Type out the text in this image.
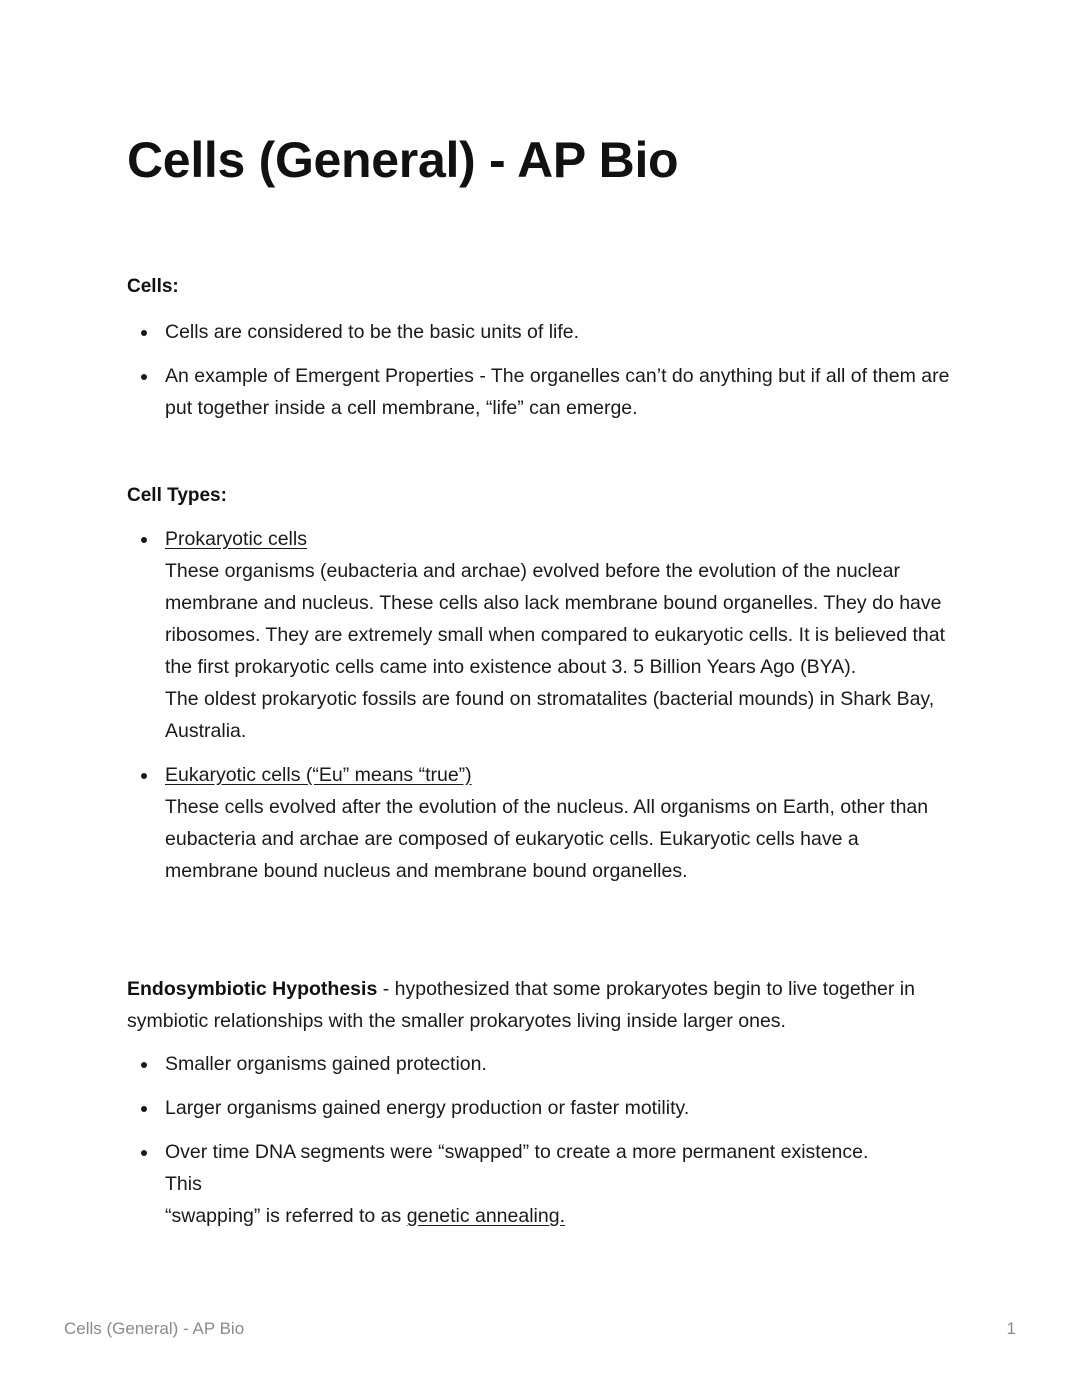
Cells (General) - AP Bio
Cells:
Cells are considered to be the basic units of life.
An example of Emergent Properties - The organelles can’t do anything but if all of them are put together inside a cell membrane, “life” can emerge.
Cell Types:
Prokaryotic cells
These organisms (eubacteria and archae) evolved before the evolution of the nuclear membrane and nucleus. These cells also lack membrane bound organelles. They do have ribosomes. They are extremely small when compared to eukaryotic cells. It is believed that the first prokaryotic cells came into existence about 3. 5 Billion Years Ago (BYA).
The oldest prokaryotic fossils are found on stromatalites (bacterial mounds) in Shark Bay, Australia.
Eukaryotic cells (“Eu” means “true”)
These cells evolved after the evolution of the nucleus. All organisms on Earth, other than eubacteria and archae are composed of eukaryotic cells. Eukaryotic cells have a membrane bound nucleus and membrane bound organelles.

Endosymbiotic Hypothesis - hypothesized that some prokaryotes begin to live together in symbiotic relationships with the smaller prokaryotes living inside larger ones.

Smaller organisms gained protection.
Larger organisms gained energy production or faster motility.
Over time DNA segments were “swapped” to create a more permanent existence.
This
“swapping” is referred to as genetic annealing.
Cells (General) - AP Bio	1
